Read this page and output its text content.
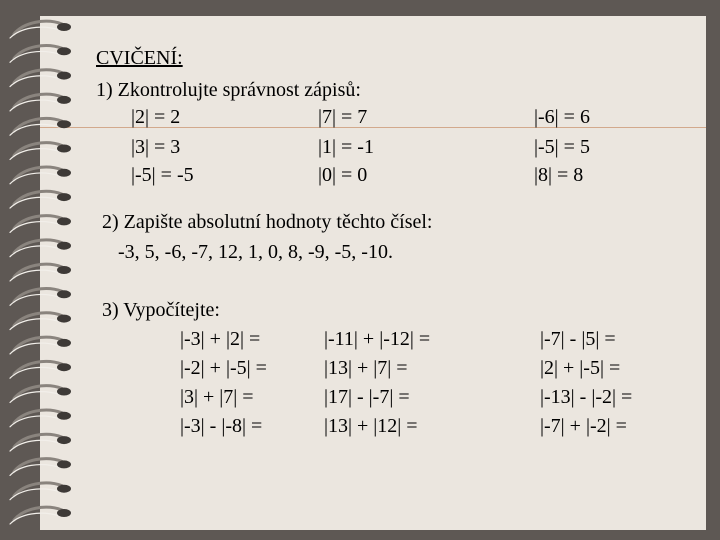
CVIČENÍ:
1) Zkontrolujte správnost zápisů:
|2| = 2
|3| = 3
|-5| = -5
|7| = 7
|1| = -1
|0| = 0
|-6| = 6
|-5| = 5
|8| = 8
2) Zapište absolutní hodnoty těchto čísel:
-3, 5, -6, -7, 12, 1, 0, 8, -9, -5, -10.
3) Vypočítejte:
|-3| + |2| =
|-2| + |-5| =
|3| + |7| =
|-3| - |-8| =
|-11| + |-12| =
|13| + |7| =
|17| - |-7| =
|13| + |12| =
|-7| - |5| =
|2| + |-5| =
|-13| - |-2| =
|-7| + |-2| =
